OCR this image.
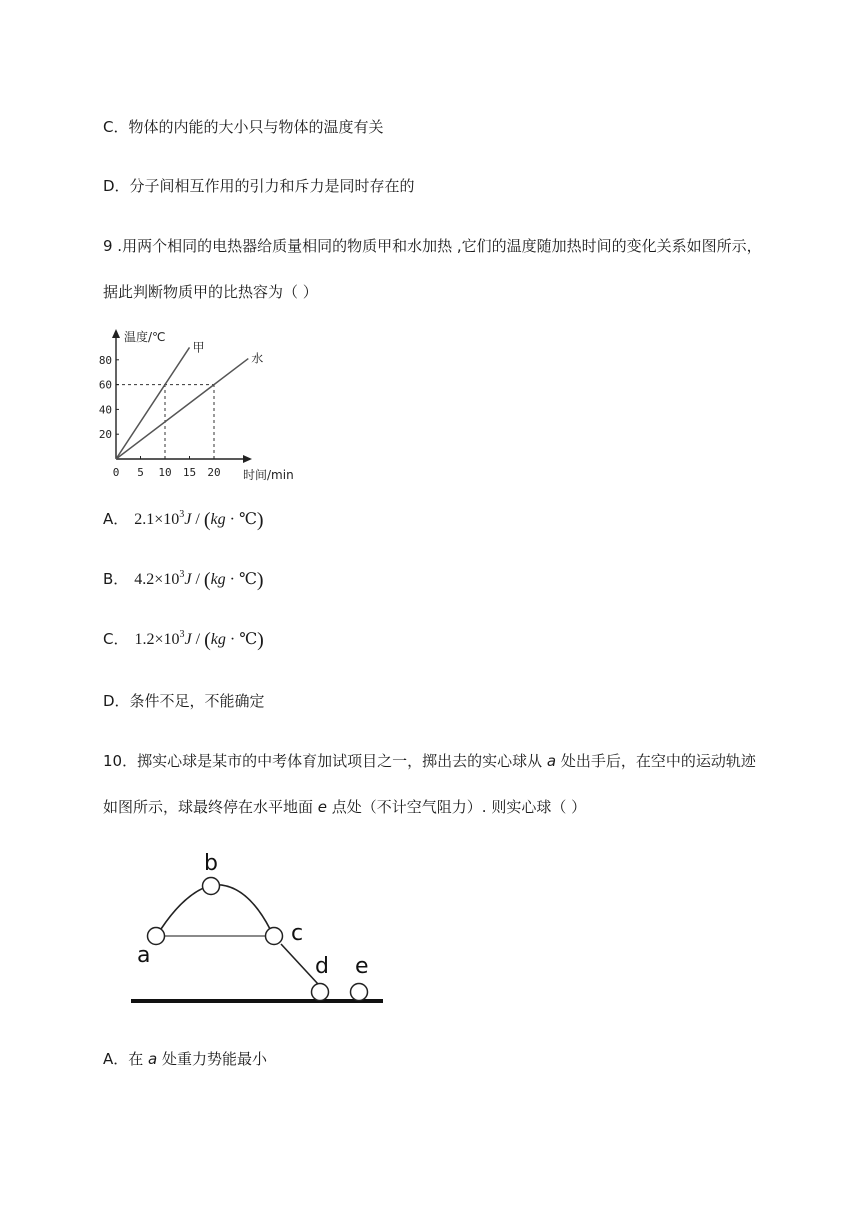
C．物体的内能的大小只与物体的温度有关
D．分子间相互作用的引力和斥力是同时存在的
9 .用两个相同的电热器给质量相同的物质甲和水加热 ,它们的温度随加热时间的变化关系如图所示，
据此判断物质甲的比热容为（ ）
甲
水
0 5 10 15 20
20
40
60
80
温度/℃
时间/min
A． $2.1\times 10^3J / (kg$ · ℃)
B． $4.2\times 10^3J / (kg$ · ℃)
C． $1.2\times 10^3J / (kg$ · ℃)
D．条件不足，不能确定
10．掷实心球是某市的中考体育加试项目之一，掷出去的实心球从 a 处出手后，在空中的运动轨迹
如图所示，球最终停在水平地面 e 点处（不计空气阻力）. 则实心球（ ）
a
b
c
d e
A．在 a 处重力势能最小
